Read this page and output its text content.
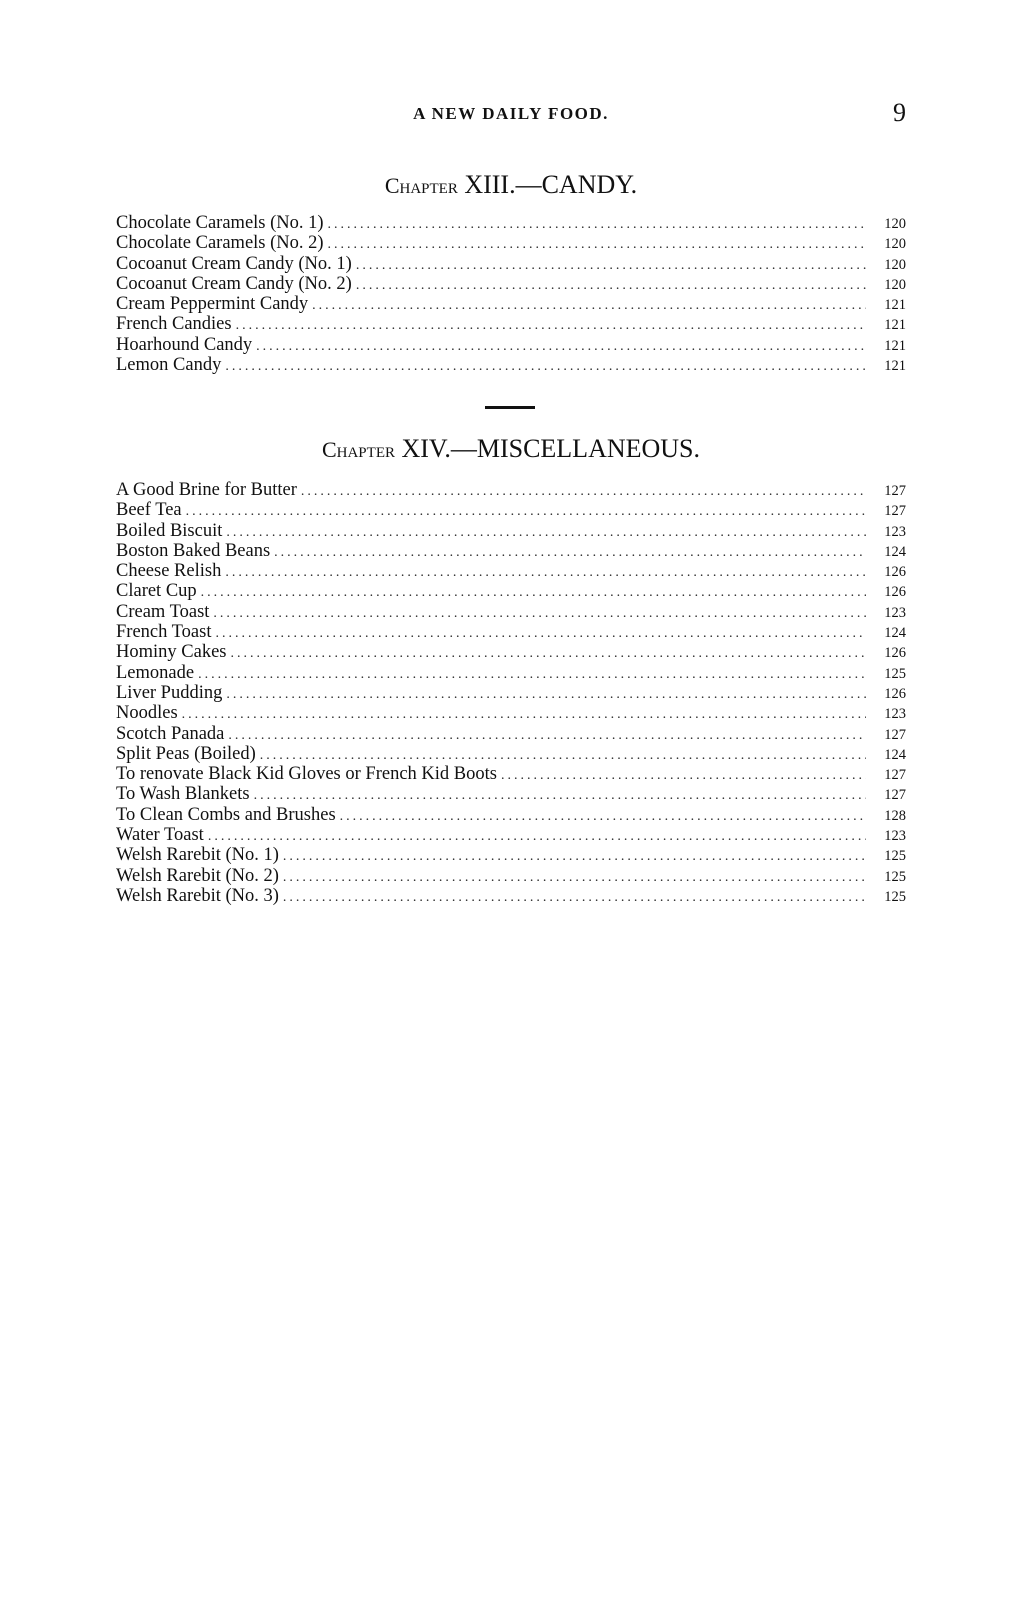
A NEW DAILY FOOD.	9
Chapter XIII.—CANDY.
Chocolate Caramels (No. 1) .....	120
Chocolate Caramels (No. 2) .....	120
Cocoanut Cream Candy (No. 1) .....	120
Cocoanut Cream Candy (No. 2) .....	120
Cream Peppermint Candy .....	121
French Candies .....	121
Hoarhound Candy .....	121
Lemon Candy .....	121
Chapter XIV.—MISCELLANEOUS.
A Good Brine for Butter .....	127
Beef Tea .....	127
Boiled Biscuit .....	123
Boston Baked Beans .....	124
Cheese Relish .....	126
Claret Cup .....	126
Cream Toast .....	123
French Toast .....	124
Hominy Cakes .....	126
Lemonade .....	125
Liver Pudding .....	126
Noodles .....	123
Scotch Panada .....	127
Split Peas (Boiled) .....	124
To renovate Black Kid Gloves or French Kid Boots .....	127
To Wash Blankets .....	127
To Clean Combs and Brushes .....	128
Water Toast .....	123
Welsh Rarebit (No. 1) .....	125
Welsh Rarebit (No. 2) .....	125
Welsh Rarebit (No. 3) .....	125
